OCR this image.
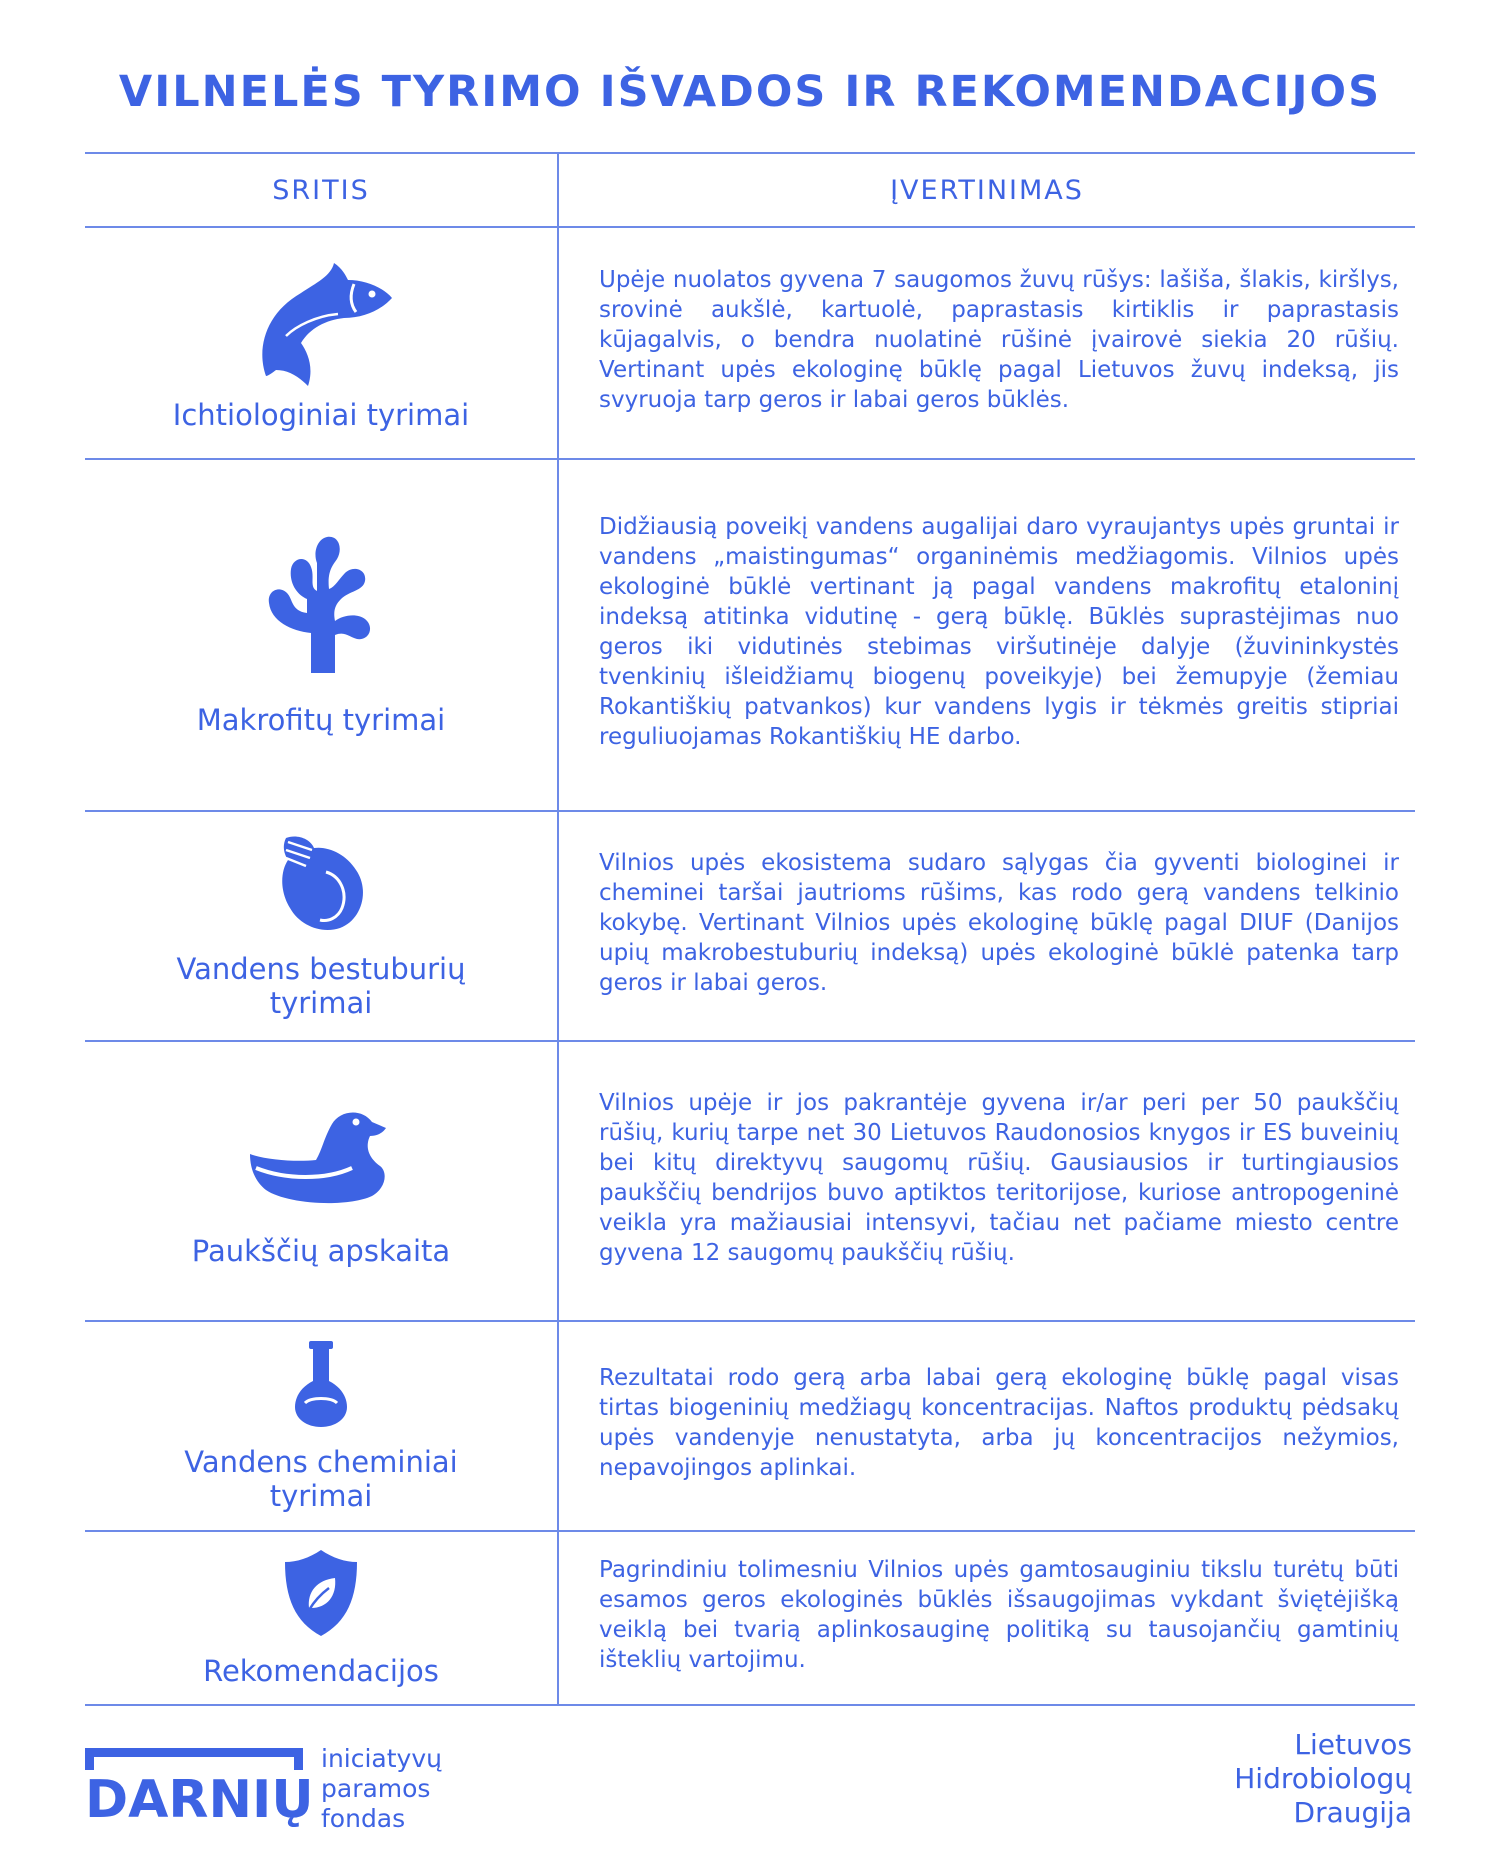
VILNELĖS TYRIMO IŠVADOS IR REKOMENDACIJOS
SRITIS	ĮVERTINIMAS
Ichtiologiniai tyrimai
Upėje nuolatos gyvena 7 saugomos žuvų rūšys: lašiša, šlakis, kiršlys, srovinė aukšlė, kartuolė, paprastasis kirtiklis ir paprastasis kūjagalvis, o bendra nuolatinė rūšinė įvairovė siekia 20 rūšių. Vertinant upės ekologinę būklę pagal Lietuvos žuvų indeksą, jis svyruoja tarp geros ir labai geros būklės.
Makrofitų tyrimai
Didžiausią poveikį vandens augalijai daro vyraujantys upės gruntai ir vandens „maistingumas“ organinėmis medžiagomis. Vilnios upės ekologinė būklė vertinant ją pagal vandens makrofitų etaloninį indeksą atitinka vidutinę - gerą būklę. Būklės suprastėjimas nuo geros iki vidutinės stebimas viršutinėje dalyje (žuvininkystės tvenkinių išleidžiamų biogenų poveikyje) bei žemupyje (žemiau Rokantiškių patvankos) kur vandens lygis ir tėkmės greitis stipriai reguliuojamas Rokantiškių HE darbo.
Vandens bestuburių tyrimai
Vilnios upės ekosistema sudaro sąlygas čia gyventi biologinei ir cheminei taršai jautrioms rūšims, kas rodo gerą vandens telkinio kokybę. Vertinant Vilnios upės ekologinę būklę pagal DIUF (Danijos upių makrobestuburių indeksą) upės ekologinė būklė patenka tarp geros ir labai geros.
Paukščių apskaita
Vilnios upėje ir jos pakrantėje gyvena ir/ar peri per 50 paukščių rūšių, kurių tarpe net 30 Lietuvos Raudonosios knygos ir ES buveinių bei kitų direktyvų saugomų rūšių. Gausiausios ir turtingiausios paukščių bendrijos buvo aptiktos teritorijose, kuriose antropogeninė veikla yra mažiausiai intensyvi, tačiau net pačiame miesto centre gyvena 12 saugomų paukščių rūšių.
Vandens cheminiai tyrimai
Rezultatai rodo gerą arba labai gerą ekologinę būklę pagal visas tirtas biogeninių medžiagų koncentracijas. Naftos produktų pėdsakų upės vandenyje nenustatyta, arba jų koncentracijos nežymios, nepavojingos aplinkai.
Rekomendacijos
Pagrindiniu tolimesniu Vilnios upės gamtosauginiu tikslu turėtų būti esamos geros ekologinės būklės išsaugojimas vykdant šviętėjišką veiklą bei tvarią aplinkosauginę politiką su tausojančių gamtinių išteklių vartojimu.
DARNIŲ
iniciatyvų
paramos
fondas
Lietuvos
Hidrobiologų
Draugija
